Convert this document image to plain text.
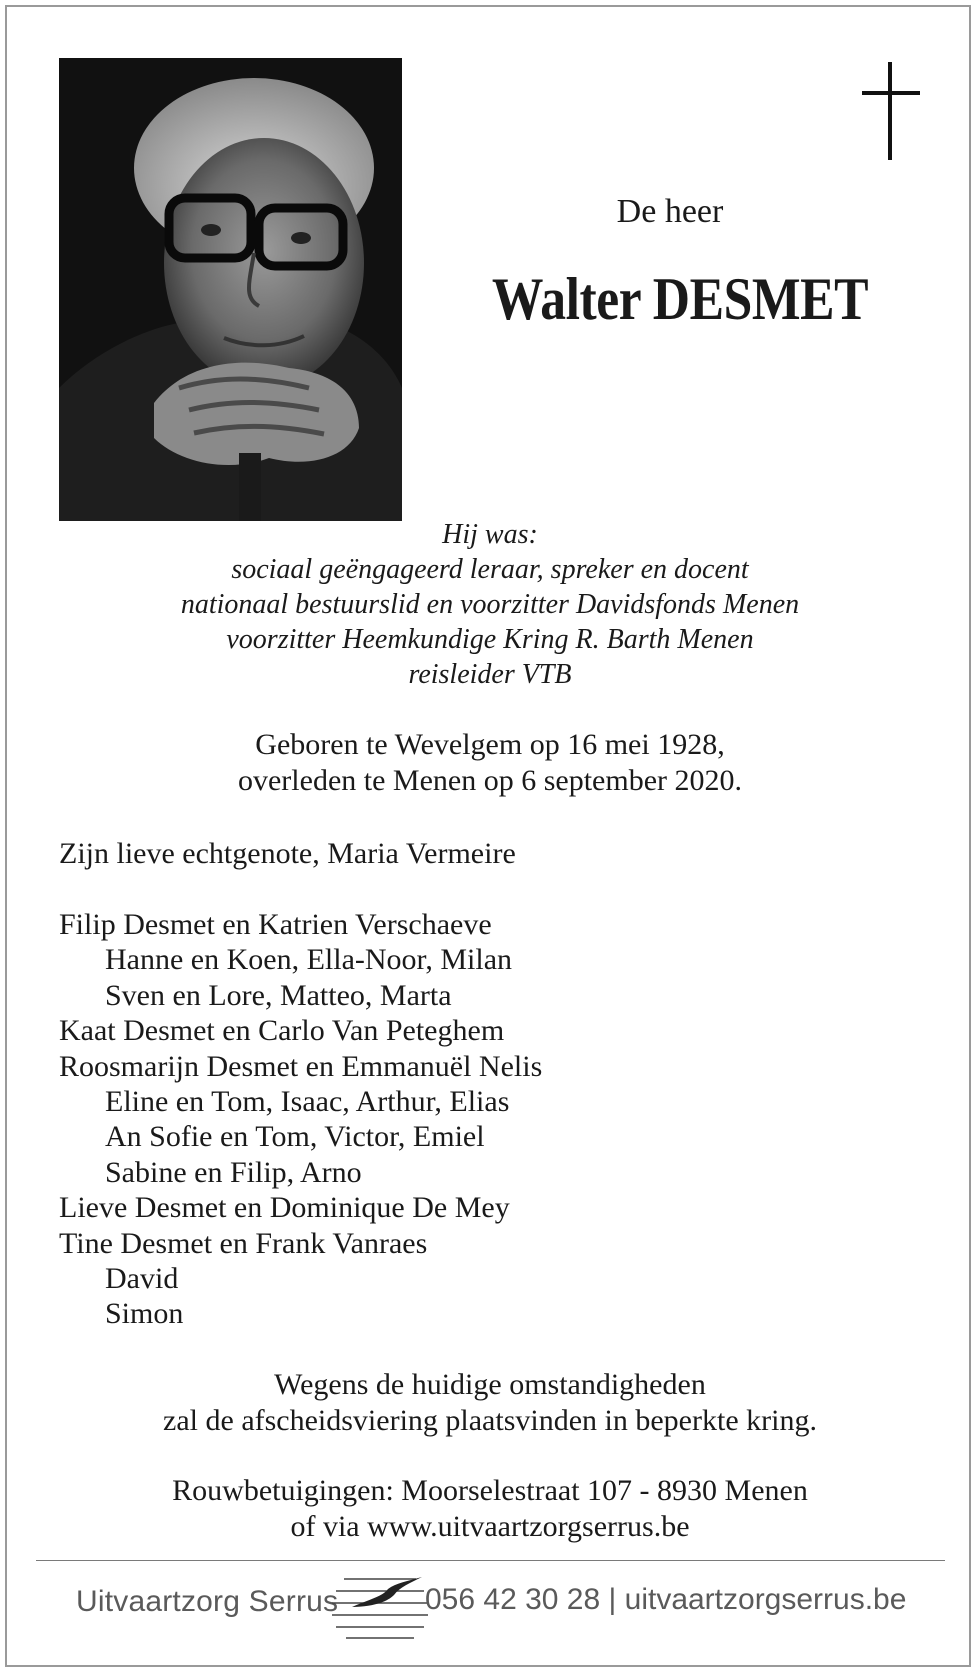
De heer
Walter DESMET
Hij was:
sociaal geëngageerd leraar, spreker en docent
nationaal bestuurslid en voorzitter Davidsfonds Menen
voorzitter Heemkundige Kring R. Barth Menen
reisleider VTB
Geboren te Wevelgem op 16 mei 1928,
overleden te Menen op 6 september 2020.
Zijn lieve echtgenote, Maria Vermeire
Filip Desmet en Katrien Verschaeve
Hanne en Koen, Ella-Noor, Milan
Sven en Lore, Matteo, Marta
Kaat Desmet en Carlo Van Peteghem
Roosmarijn Desmet en Emmanuël Nelis
Eline en Tom, Isaac, Arthur, Elias
An Sofie en Tom, Victor, Emiel
Sabine en Filip, Arno
Lieve Desmet en Dominique De Mey
Tine Desmet en Frank Vanraes
David
Simon
Wegens de huidige omstandigheden
zal de afscheidsviering plaatsvinden in beperkte kring.
Rouwbetuigingen: Moorselestraat 107 - 8930 Menen
of via www.uitvaartzorgserrus.be
Uitvaartzorg Serrus	056 42 30 28 | uitvaartzorgserrus.be
